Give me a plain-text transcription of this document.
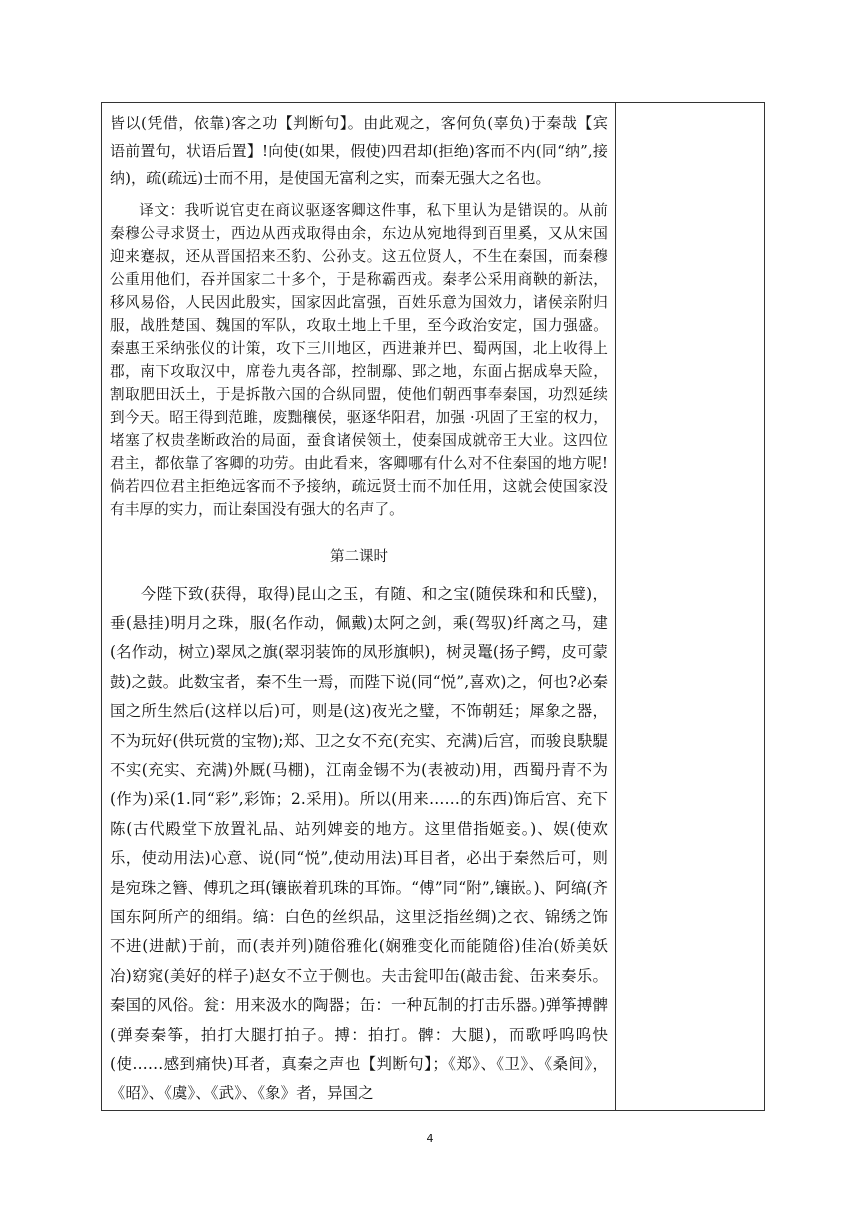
皆以(凭借，依靠)客之功【判断句】。由此观之，客何负(辜负)于秦哉【宾语前置句，状语后置】!向使(如果，假使)四君却(拒绝)客而不内(同“纳”,接纳)，疏(疏远)士而不用，是使国无富利之实，而秦无强大之名也。

译文：我听说官吏在商议驱逐客卿这件事，私下里认为是错误的。从前秦穆公寻求贤士，西边从西戎取得由余，东边从宛地得到百里奚，又从宋国迎来蹇叔，还从晋国招来丕豹、公孙支。这五位贤人，不生在秦国，而秦穆公重用他们，吞并国家二十多个，于是称霸西戎。秦孝公采用商鞅的新法，移风易俗，人民因此殷实，国家因此富强，百姓乐意为国效力，诸侯亲附归服，战胜楚国、魏国的军队，攻取土地上千里，至今政治安定，国力强盛。秦惠王采纳张仪的计策，攻下三川地区，西进兼并巴、蜀两国，北上收得上郡，南下攻取汉中，席卷九夷各部，控制鄢、郢之地，东面占据成皋天险，割取肥田沃土，于是拆散六国的合纵同盟，使他们朝西事奉秦国，功烈延续到今天。昭王得到范雎，废黜穰侯，驱逐华阳君，加强 ·巩固了王室的权力，堵塞了权贵垄断政治的局面，蚕食诸侯领土，使秦国成就帝王大业。这四位君主，都依靠了客卿的功劳。由此看来，客卿哪有什么对不住秦国的地方呢!倘若四位君主拒绝远客而不予接纳，疏远贤士而不加任用，这就会使国家没有丰厚的实力，而让秦国没有强大的名声了。

第二课时

今陛下致(获得，取得)昆山之玉，有随、和之宝(随侯珠和和氏璧)，垂(悬挂)明月之珠，服(名作动，佩戴)太阿之剑，乘(驾驭)纤离之马，建(名作动，树立)翠凤之旗(翠羽装饰的凤形旗帜)，树灵鼍(扬子鳄，皮可蒙鼓)之鼓。此数宝者，秦不生一焉，而陛下说(同“悦”,喜欢)之，何也?必秦国之所生然后(这样以后)可，则是(这)夜光之璧，不饰朝廷；犀象之器，不为玩好(供玩赏的宝物);郑、卫之女不充(充实、充满)后宫，而骏良駃騠不实(充实、充满)外厩(马棚)，江南金锡不为(表被动)用，西蜀丹青不为(作为)采(1.同“彩”,彩饰；2.采用)。所以(用来……的东西)饰后宫、充下陈(古代殿堂下放置礼品、站列婢妾的地方。这里借指姬妾。)、娱(使欢乐，使动用法)心意、说(同“悦”,使动用法)耳目者，必出于秦然后可，则是宛珠之簪、傅玑之珥(镶嵌着玑珠的耳饰。“傅”同“附”,镶嵌。)、阿缟(齐国东阿所产的细绢。缟：白色的丝织品，这里泛指丝绸)之衣、锦绣之饰不进(进献)于前，而(表并列)随俗雅化(娴雅变化而能随俗)佳冶(娇美妖冶)窈窕(美好的样子)赵女不立于侧也。夫击瓮叩缶(敲击瓮、缶来奏乐。秦国的风俗。瓮：用来汲水的陶器；缶：一种瓦制的打击乐器。)弹筝搏髀(弹奏秦筝，拍打大腿打拍子。搏：拍打。髀：大腿)，而歌呼呜呜快(使……感到痛快)耳者，真秦之声也【判断句】；《郑》、《卫》、《桑间》，《昭》、《虞》、《武》、《象》者，异国之

4
